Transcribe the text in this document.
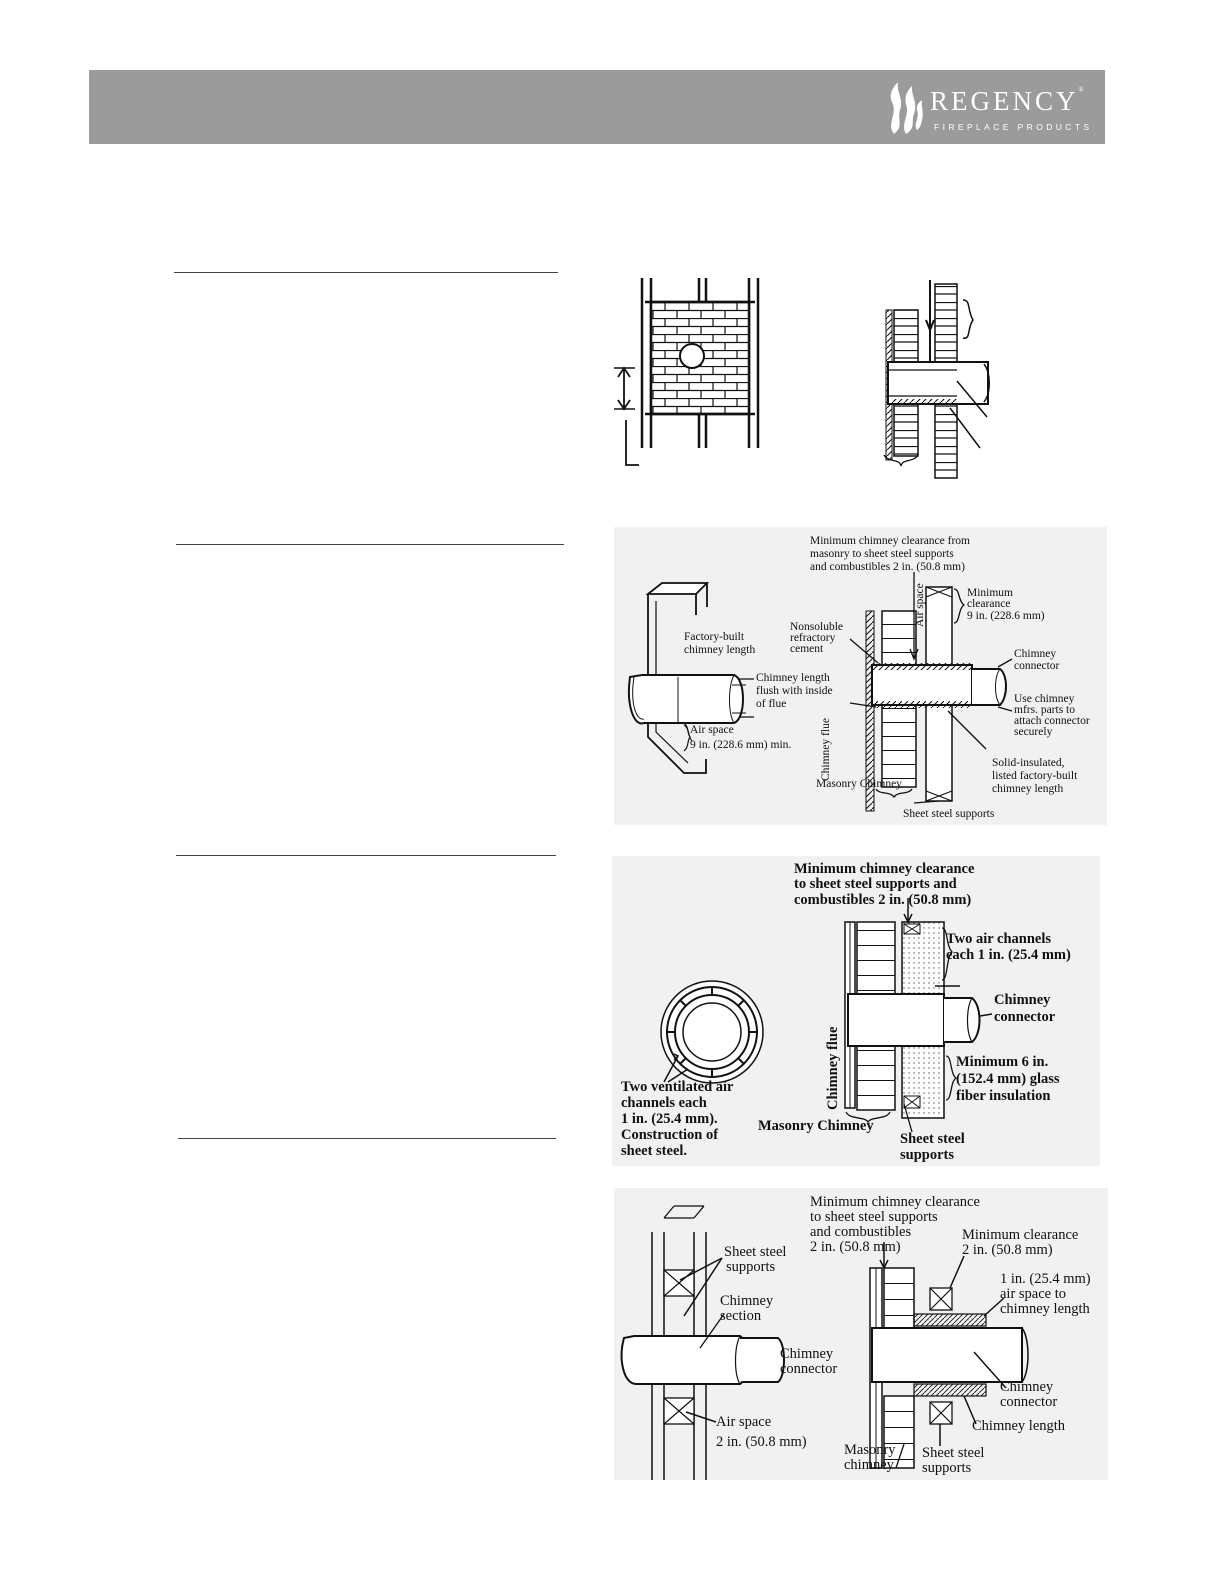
REGENCY®
FIREPLACE PRODUCTS
Minimum chimney clearance from
masonry to sheet steel supports
and combustibles 2 in. (50.8 mm)
Minimum
clearance
9 in. (228.6 mm)
Air space
Nonsoluble
refractory
cement
Factory-built
chimney length
Chimney length
flush with inside
of flue
Chimney
connector
Use chimney
mfrs. parts to
attach connector
securely
Air space
9 in. (228.6 mm) min. Chimney flue	Solid-insulated,
listed factory-built
chimney length
Masonry Chimney
Sheet steel supports
Minimum chimney clearance
to sheet steel supports and
combustibles 2 in. (50.8 mm)
Two air channels
each 1 in. (25.4 mm)
Chimney
connector
Minimum 6 in.
(152.4 mm) glass
fiber insulation
Chimney flue
Two ventilated air
channels each
1 in. (25.4 mm).
Construction of
sheet steel.
Masonry Chimney
Sheet steel
supports
Minimum chimney clearance
to sheet steel supports
and combustibles
2 in. (50.8 mm)
Minimum clearance
2 in. (50.8 mm)
1 in. (25.4 mm)
air space to
chimney length
Sheet steel
supports
Chimney
section
Chimney
connector
Air space
2 in. (50.8 mm)
Chimney
connector
Chimney length
Masonry
chimney
Sheet steel
supports
